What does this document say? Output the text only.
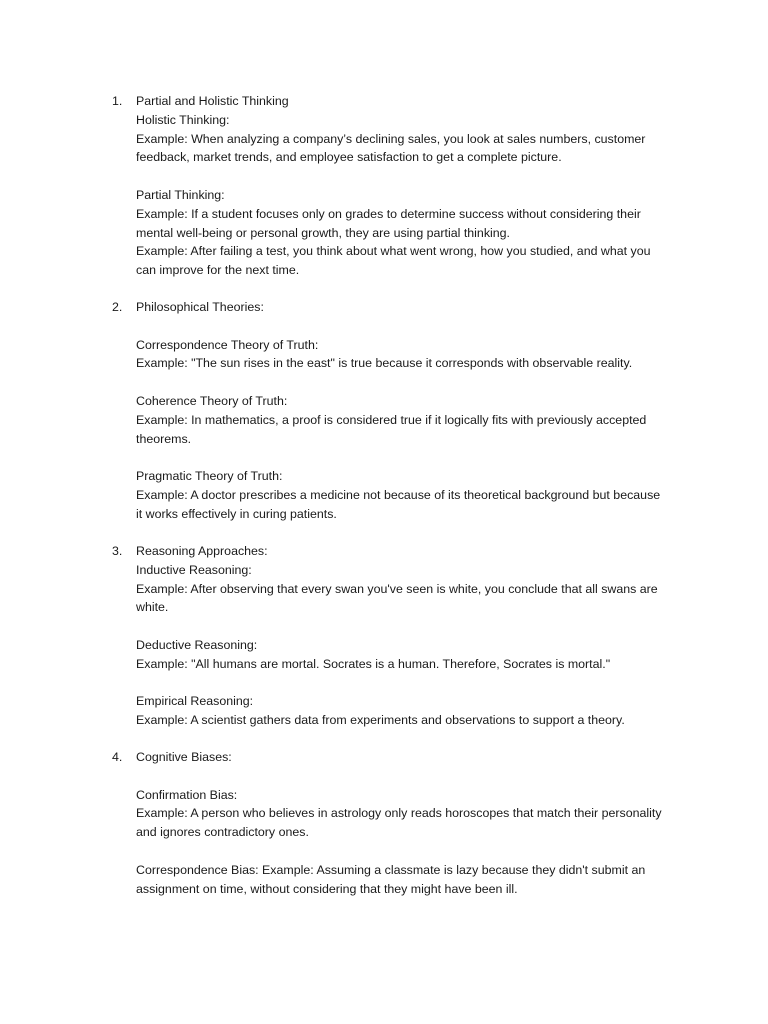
1. Partial and Holistic Thinking
Holistic Thinking:
Example: When analyzing a company’s declining sales, you look at sales numbers, customer
feedback, market trends, and employee satisfaction to get a complete picture.
Partial Thinking:
Example: If a student focuses only on grades to determine success without considering their
mental well-being or personal growth, they are using partial thinking.
Example: After failing a test, you think about what went wrong, how you studied, and what you
can improve for the next time.
2. Philosophical Theories:
Correspondence Theory of Truth:
Example: "The sun rises in the east" is true because it corresponds with observable reality.
Coherence Theory of Truth:
Example: In mathematics, a proof is considered true if it logically fits with previously accepted
theorems.
Pragmatic Theory of Truth:
Example: A doctor prescribes a medicine not because of its theoretical background but because
it works effectively in curing patients.
3. Reasoning Approaches:
Inductive Reasoning:
Example: After observing that every swan you've seen is white, you conclude that all swans are
white.
Deductive Reasoning:
Example: "All humans are mortal. Socrates is a human. Therefore, Socrates is mortal."
Empirical Reasoning:
Example: A scientist gathers data from experiments and observations to support a theory.
4. Cognitive Biases:
Confirmation Bias:
Example: A person who believes in astrology only reads horoscopes that match their personality
and ignores contradictory ones.
Correspondence Bias: Example: Assuming a classmate is lazy because they didn't submit an
assignment on time, without considering that they might have been ill.
